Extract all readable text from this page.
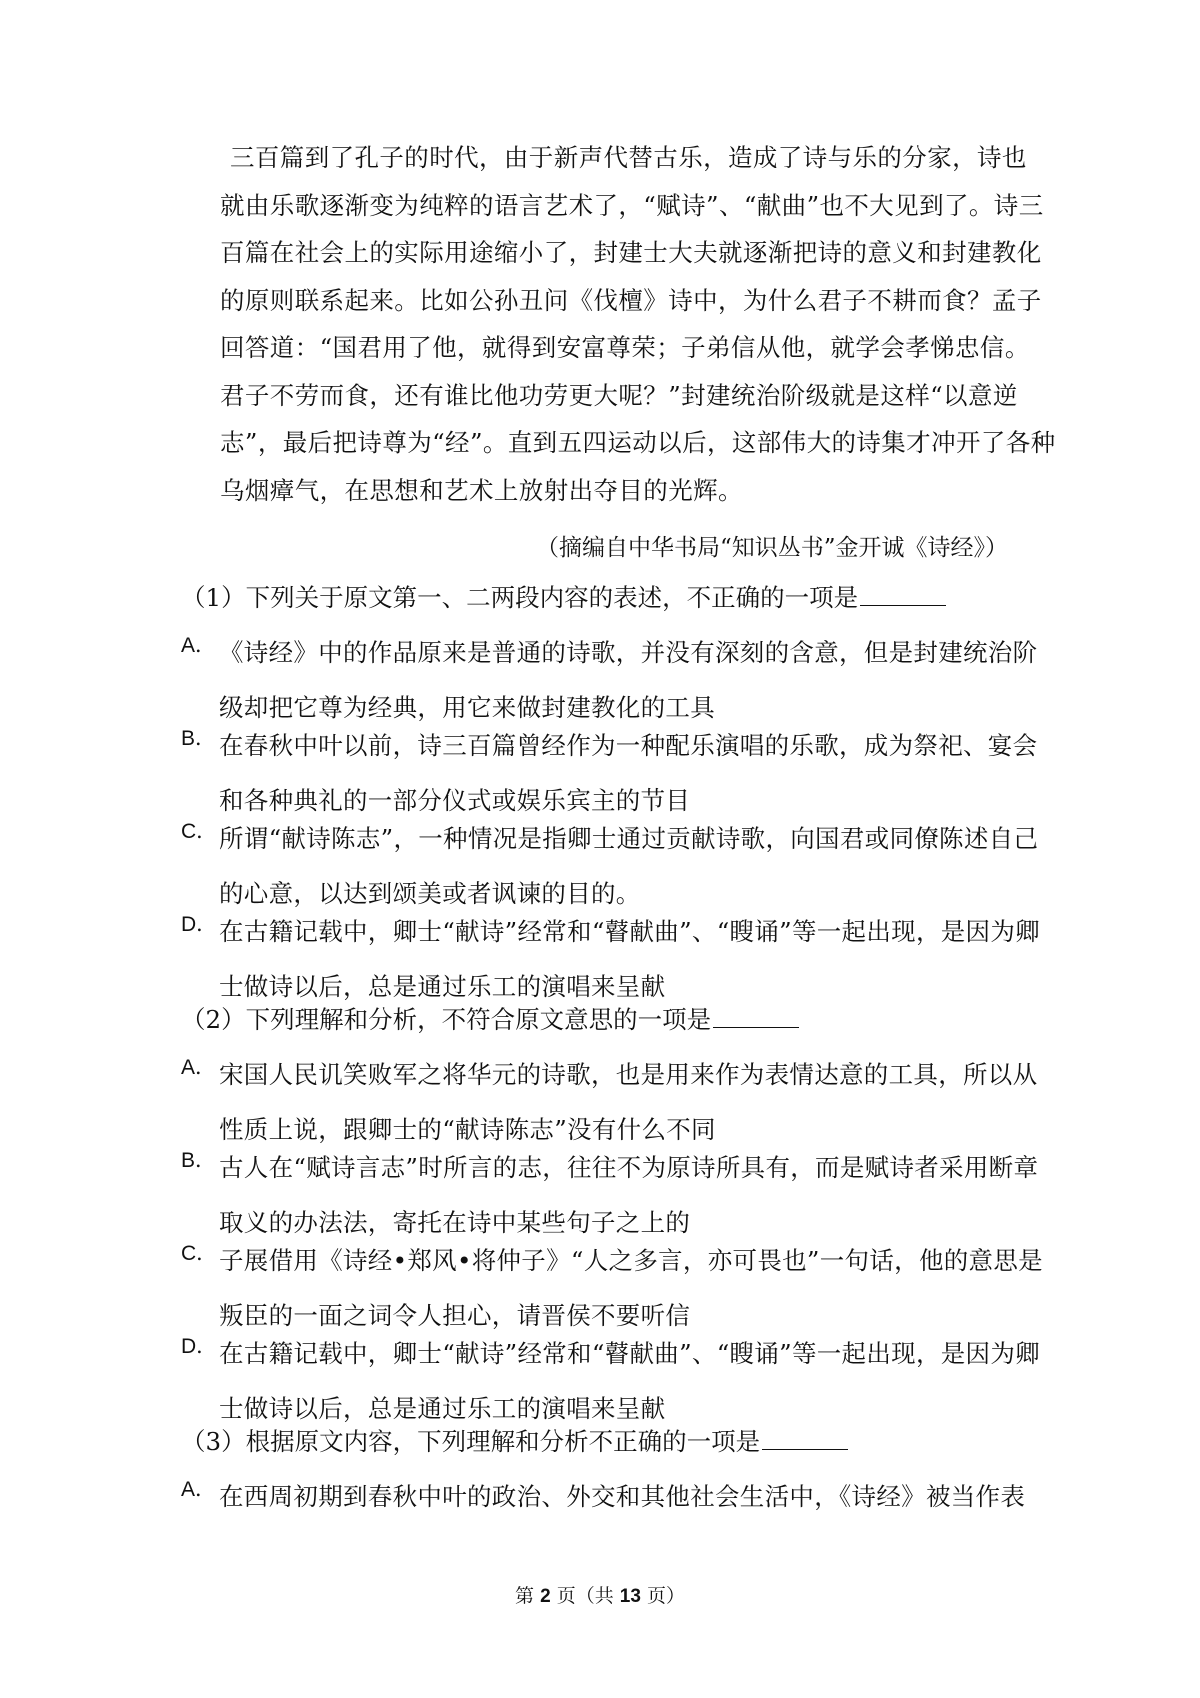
三百篇到了孔子的时代，由于新声代替古乐，造成了诗与乐的分家，诗也
就由乐歌逐渐变为纯粹的语言艺术了，“赋诗”、“献曲”也不大见到了。诗三
百篇在社会上的实际用途缩小了，封建士大夫就逐渐把诗的意义和封建教化
的原则联系起来。比如公孙丑问《伐檀》诗中，为什么君子不耕而食？孟子
回答道：“国君用了他，就得到安富尊荣；子弟信从他，就学会孝悌忠信。
君子不劳而食，还有谁比他功劳更大呢？”封建统治阶级就是这样“以意逆
志”，最后把诗尊为“经”。直到五四运动以后，这部伟大的诗集才冲开了各种
乌烟瘴气，在思想和艺术上放射出夺目的光辉。
（摘编自中华书局“知识丛书”金开诚《诗经》）
（1）下列关于原文第一、二两段内容的表述，不正确的一项是
A． 《诗经》中的作品原来是普通的诗歌，并没有深刻的含意，但是封建统治阶
级却把它尊为经典，用它来做封建教化的工具
B． 在春秋中叶以前，诗三百篇曾经作为一种配乐演唱的乐歌，成为祭祀、宴会
和各种典礼的一部分仪式或娱乐宾主的节目
C． 所谓“献诗陈志”，一种情况是指卿士通过贡献诗歌，向国君或同僚陈述自己
的心意，以达到颂美或者讽谏的目的。
D． 在古籍记载中，卿士“献诗”经常和“瞽献曲”、“瞍诵”等一起出现，是因为卿
士做诗以后，总是通过乐工的演唱来呈献
（2）下列理解和分析，不符合原文意思的一项是
A． 宋国人民讥笑败军之将华元的诗歌，也是用来作为表情达意的工具，所以从
性质上说，跟卿士的“献诗陈志”没有什么不同
B． 古人在“赋诗言志”时所言的志，往往不为原诗所具有，而是赋诗者采用断章
取义的办法法，寄托在诗中某些句子之上的
C． 子展借用《诗经•郑风•将仲子》“人之多言，亦可畏也”一句话，他的意思是
叛臣的一面之词令人担心，请晋侯不要听信
D． 在古籍记载中，卿士“献诗”经常和“瞽献曲”、“瞍诵”等一起出现，是因为卿
士做诗以后，总是通过乐工的演唱来呈献
（3）根据原文内容，下列理解和分析不正确的一项是
A． 在西周初期到春秋中叶的政治、外交和其他社会生活中，《诗经》被当作表
第 2 页（共 13 页）
